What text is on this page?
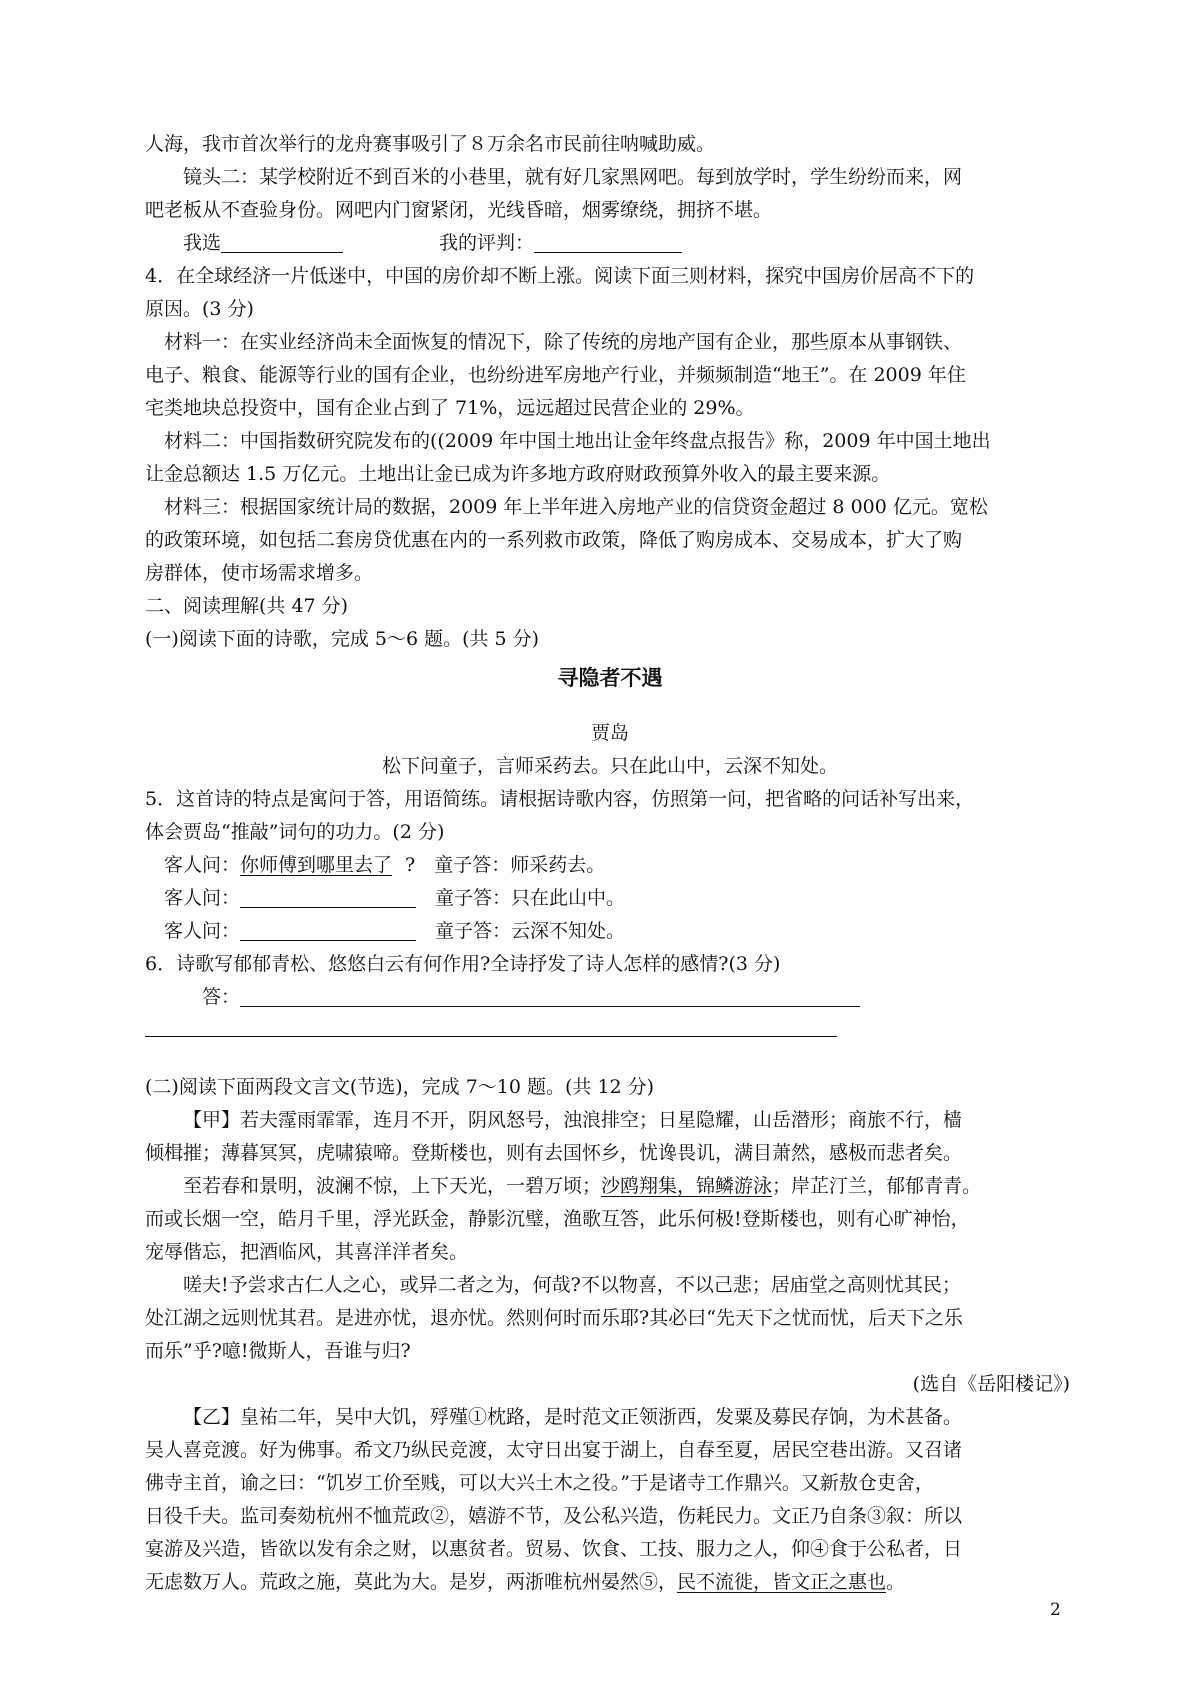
人海，我市首次举行的龙舟赛事吸引了８万余名市民前往呐喊助威。

镜头二：某学校附近不到百米的小巷里，就有好几家黑网吧。每到放学时，学生纷纷而来，网

吧老板从不查验身份。网吧内门窗紧闭，光线昏暗，烟雾缭绕，拥挤不堪。

我选	我的评判：

4．在全球经济一片低迷中，中国的房价却不断上涨。阅读下面三则材料，探究中国房价居高不下的

原因。(3 分)

材料一：在实业经济尚未全面恢复的情况下，除了传统的房地产国有企业，那些原本从事钢铁、

电子、粮食、能源等行业的国有企业，也纷纷进军房地产行业，并频频制造“地王”。在 2009 年住

宅类地块总投资中，国有企业占到了 71%，远远超过民营企业的 29%。

材料二：中国指数研究院发布的((2009 年中国土地出让金年终盘点报告》称，2009 年中国土地出

让金总额达 1.5 万亿元。土地出让金已成为许多地方政府财政预算外收入的最主要来源。

材料三：根据国家统计局的数据，2009 年上半年进入房地产业的信贷资金超过 8 000 亿元。宽松

的政策环境，如包括二套房贷优惠在内的一系列救市政策，降低了购房成本、交易成本，扩大了购

房群体，使市场需求增多。

二、阅读理解(共 47 分)

(一)阅读下面的诗歌，完成 5～6 题。(共 5 分)

寻隐者不遇

贾岛

松下问童子，言师采药去。只在此山中，云深不知处。

5．这首诗的特点是寓问于答，用语简练。请根据诗歌内容，仿照第一问，把省略的问话补写出来，

体会贾岛“推敲”词句的功力。(2 分)

客人问：你师傅到哪里去了 ? 童子答：师采药去。

客人问：	童子答：只在此山中。

客人问：	童子答：云深不知处。

6．诗歌写郁郁青松、悠悠白云有何作用?全诗抒发了诗人怎样的感情?(3 分)

答：

(二)阅读下面两段文言文(节选)，完成 7～10 题。(共 12 分)

【甲】若夫霪雨霏霏，连月不开，阴风怒号，浊浪排空；日星隐耀，山岳潜形；商旅不行，樯

倾楫摧；薄暮冥冥，虎啸猿啼。登斯楼也，则有去国怀乡，忧谗畏讥，满目萧然，感极而悲者矣。

至若春和景明，波澜不惊，上下天光，一碧万顷；沙鸥翔集，锦鳞游泳；岸芷汀兰，郁郁青青。

而或长烟一空，皓月千里，浮光跃金，静影沉璧，渔歌互答，此乐何极!登斯楼也，则有心旷神怡，

宠辱偕忘，把酒临风，其喜洋洋者矣。

嗟夫!予尝求古仁人之心，或异二者之为，何哉?不以物喜，不以己悲；居庙堂之高则忧其民；

处江湖之远则忧其君。是进亦忧，退亦忧。然则何时而乐耶?其必曰“先天下之忧而忧，后天下之乐

而乐”乎?噫!微斯人，吾谁与归?

(选自《岳阳楼记》)

【乙】皇祐二年，吴中大饥，殍殣①枕路，是时范文正领浙西，发粟及募民存饷，为术甚备。

吴人喜竞渡。好为佛事。希文乃纵民竞渡，太守日出宴于湖上，自春至夏，居民空巷出游。又召诸

佛寺主首，谕之曰：“饥岁工价至贱，可以大兴土木之役。”于是诸寺工作鼎兴。又新敖仓吏舍，

日役千夫。监司奏劾杭州不恤荒政②，嬉游不节，及公私兴造，伤耗民力。文正乃自条③叙：所以

宴游及兴造，皆欲以发有余之财，以惠贫者。贸易、饮食、工技、服力之人，仰④食于公私者，日

无虑数万人。荒政之施，莫此为大。是岁，两浙唯杭州晏然⑤，民不流徙，皆文正之惠也。

2
